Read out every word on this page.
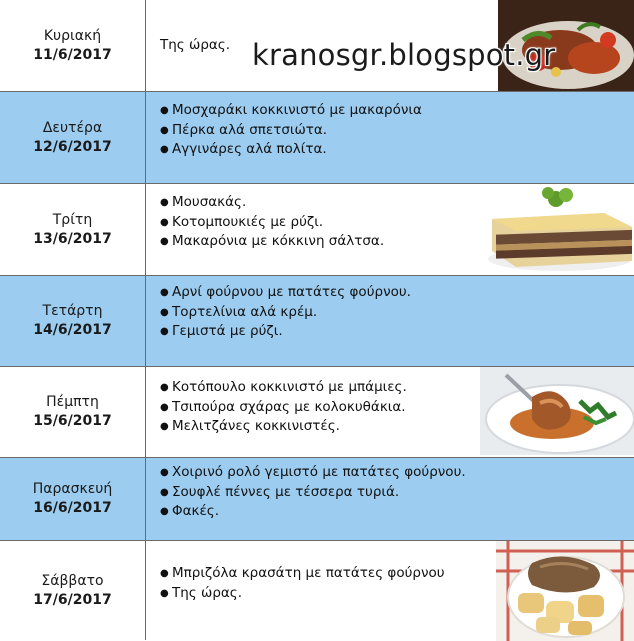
Κυριακή
11/6/2017
Της ώρας.
Δευτέρα
12/6/2017
● Μοσχαράκι κοκκινιστό με μακαρόνια
● Πέρκα αλά σπετσιώτα.
● Αγγινάρες αλά πολίτα.
Τρίτη
13/6/2017
● Μουσακάς.
● Κοτομπουκιές με ρύζι.
● Μακαρόνια με κόκκινη σάλτσα.
Τετάρτη
14/6/2017
● Αρνί φούρνου με πατάτες φούρνου.
● Τορτελίνια αλά κρέμ.
● Γεμιστά με ρύζι.
Πέμπτη
15/6/2017
● Κοτόπουλο κοκκινιστό με μπάμιες.
● Τσιπούρα σχάρας με κολοκυθάκια.
● Μελιτζάνες κοκκινιστές.
Παρασκευή
16/6/2017
● Χοιρινό ρολό γεμιστό με πατάτες φούρνου.
● Σουφλέ πέννες με τέσσερα τυριά.
● Φακές.
Σάββατο
17/6/2017
● Μπριζόλα κρασάτη με πατάτες φούρνου
● Της ώρας.
kranosgr.blogspot.gr
